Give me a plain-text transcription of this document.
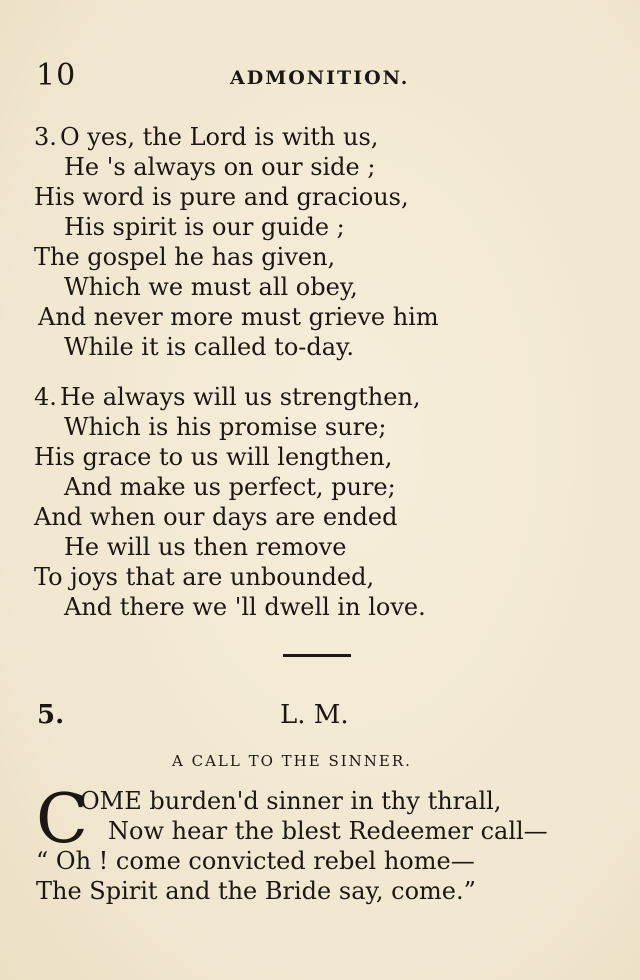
10	ADMONITION.
3. O yes, the Lord is with us,
He 's always on our side ;
His word is pure and gracious,
His spirit is our guide ;
The gospel he has given,
Which we must all obey,
And never more must grieve him
While it is called to-day.
4. He always will us strengthen,
Which is his promise sure;
His grace to us will lengthen,
And make us perfect, pure;
And when our days are ended
He will us then remove
To joys that are unbounded,
And there we 'll dwell in love.
5.	L. M.
A CALL TO THE SINNER.
C
OME burden'd sinner in thy thrall,
Now hear the blest Redeemer call—
“ Oh ! come convicted rebel home—
The Spirit and the Bride say, come.”
